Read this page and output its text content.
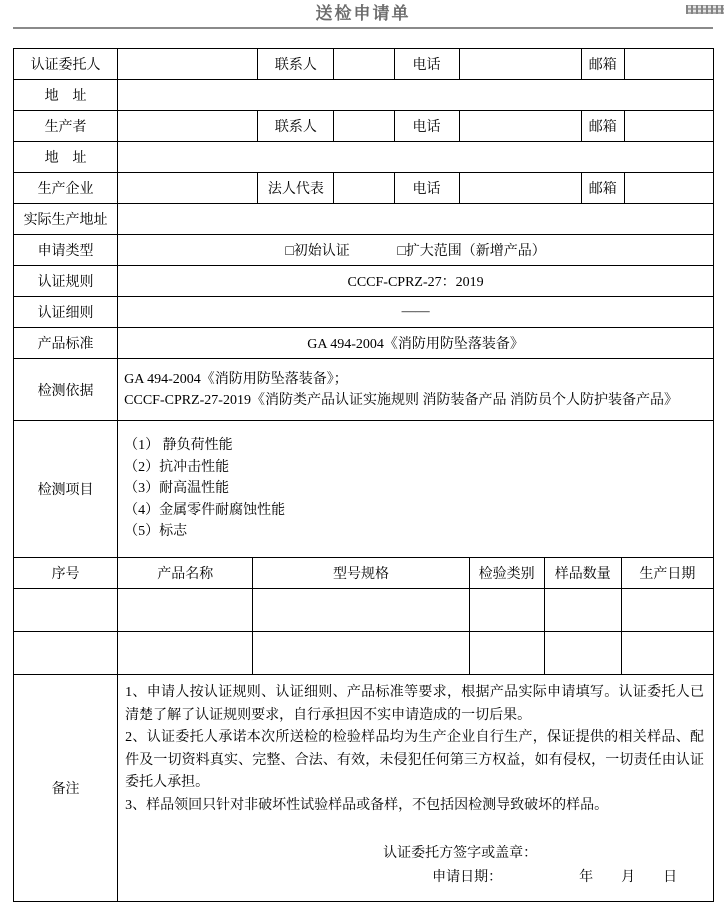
送检申请单
认证委托人		联系人		电话		邮箱	
地　址							
生产者		联系人		电话		邮箱	
地　址							
生产企业		法人代表		电话		邮箱	
实际生产地址							
申请类型	□初始认证 □扩大范围（新增产品）						
认证规则	CCCF-CPRZ-27：2019						
认证细则	——						
产品标准	GA 494-2004《消防用防坠落装备》						
检测依据	GA 494-2004《消防用防坠落装备》；
CCCF-CPRZ-27-2019《消防类产品认证实施规则 消防装备产品 消防员个人防护装备产品》						

检测项目	（1） 静负荷性能
（2）抗冲击性能
（3）耐高温性能
（4）金属零件耐腐蚀性能
（5）标志						
序号	产品名称	型号规格	检验类别	样品数量	生产日期

备注	

1、申请人按认证规则、认证细则、产品标准等要求，根据产品实际申请填写。认证委托人已清楚了解了认证规则要求，自行承担因不实申请造成的一切后果。

2、认证委托人承诺本次所送检的检验样品均为生产企业自行生产，保证提供的相关样品、配件及一切资料真实、完整、合法、有效，未侵犯任何第三方权益，如有侵权，一切责任由认证委托人承担。

3、样品领回只针对非破坏性试验样品或备样，不包括因检测导致破坏的样品。

认证委托方签字或盖章：
申请日期：　　　　　　年　　月　　日
